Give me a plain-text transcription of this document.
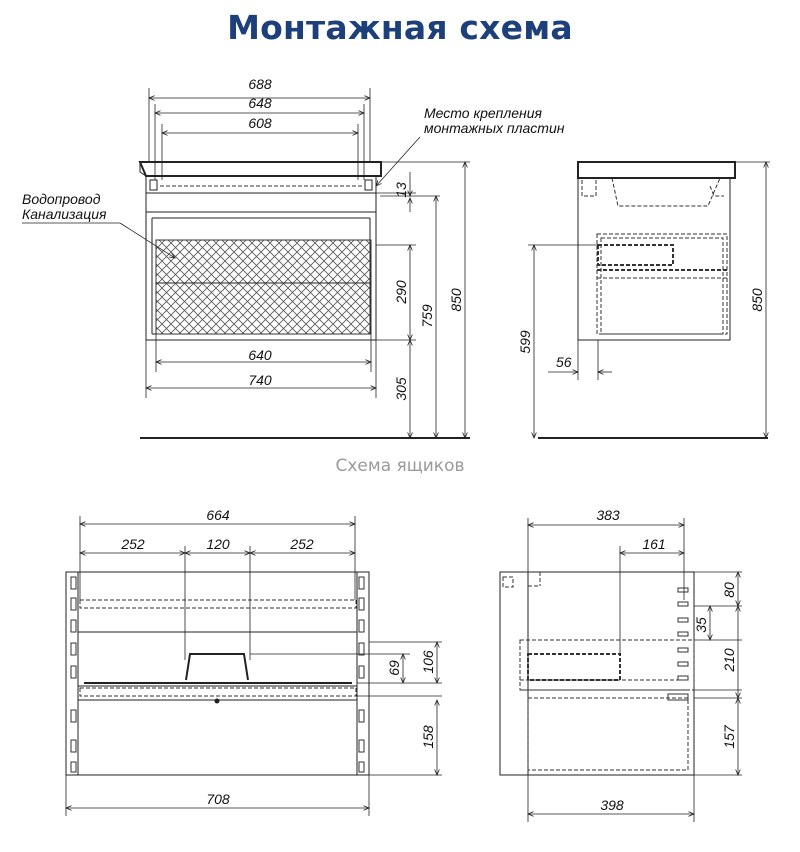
Монтажная схема
Схема ящиков
688
648
608
640
740
13
290
305
759
850
Место крепления
монтажных пластин
Водопровод
Канализация
599
56
850
664
252	120	252
69 106
158
708
383
161
80
35
210
157
398
